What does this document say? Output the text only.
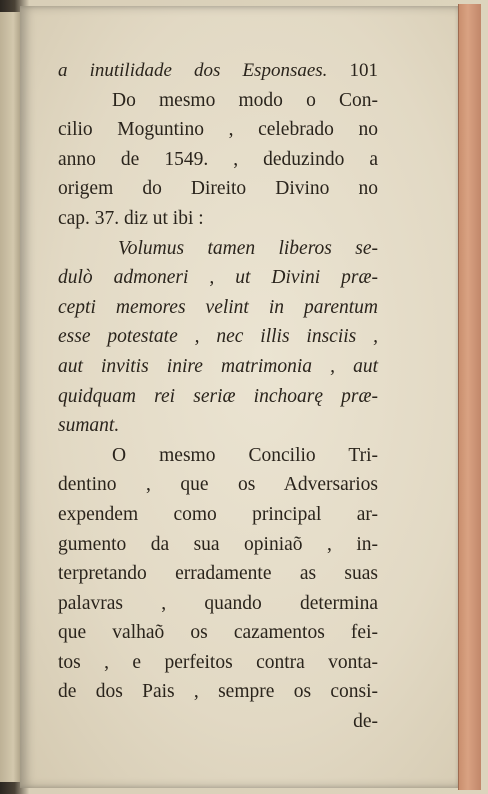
a inutilidade dos Esponsaes. 101
Do mesmo modo o Con-
cilio Moguntino , celebrado no
anno de 1549. , deduzindo a
origem do Direito Divino no
cap. 37. diz ut ibi :
Volumus tamen liberos se-
dulò admoneri , ut Divini præ-
cepti memores velint in parentum
esse potestate , nec illis insciis ,
aut invitis inire matrimonia , aut
quidquam rei seriæ inchoarę præ-
sumant.
O mesmo Concilio Tri-
dentino , que os Adversarios
expendem como principal ar-
gumento da sua opiniaõ , in-
terpretando erradamente as suas
palavras , quando determina
que valhaõ os cazamentos fei-
tos , e perfeitos contra vonta-
de dos Pais , sempre os consi-
de-
